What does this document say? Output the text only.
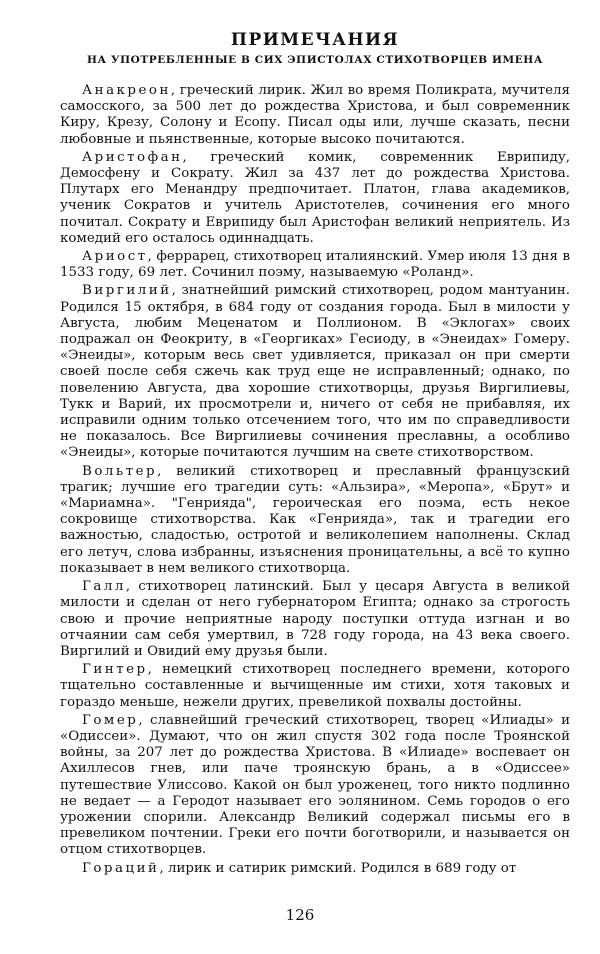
ПРИМЕЧАНИЯ
НА УПОТРЕБЛЕННЫЕ В СИХ ЭПИСТОЛАХ СТИХОТВОРЦЕВ ИМЕНА

Анакреон, греческий лирик. Жил во время Поликрата, мучителя самосского, за 500 лет до рождества Христова, и был современник Киру, Крезу, Солону и Есопу. Писал оды или, лучше сказать, песни любовные и пьянственные, которые высоко почитаются.

Аристофан, греческий комик, современник Еврипиду, Демосфену и Сократу. Жил за 437 лет до рождества Христова. Плутарх его Менандру предпочитает. Платон, глава академиков, ученик Сократов и учитель Аристотелев, сочинения его много почитал. Сократу и Еврипиду был Аристофан великий неприятель. Из комедий его осталось одиннадцать.

Ариост, феррарец, стихотворец италиянский. Умер июля 13 дня в 1533 году, 69 лет. Сочинил поэму, называемую «Роланд».

Виргилий, знатнейший римский стихотворец, родом мантуанин. Родился 15 октября, в 684 году от создания города. Был в милости у Августа, любим Меценатом и Поллионом. В «Эклогах» своих подражал он Феокриту, в «Георгиках» Гесиоду, в «Энеидах» Гомеру. «Энеиды», которым весь свет удивляется, приказал он при смерти своей после себя сжечь как труд еще не исправленный; однако, по повелению Августа, два хорошие стихотворцы, друзья Виргилиевы, Тукк и Варий, их просмотрели и, ничего от себя не прибавляя, их исправили одним только отсечением того, что им по справедливости не показалось. Все Виргилиевы сочинения преславны, а особливо «Энеиды», которые почитаются лучшим на свете стихотворством.

Вольтер, великий стихотворец и преславный французский трагик; лучшие его трагедии суть: «Альзира», «Меропа», «Брут» и «Мариамна». "Генрияда", героическая его поэма, есть некое сокровище стихотворства. Как «Генрияда», так и трагедии его важностью, сладостью, остротой и великолепием наполнены. Склад его летуч, слова избранны, изъяснения проницательны, а всё то купно показывает в нем великого стихотворца.

Галл, стихотворец латинский. Был у цесаря Августа в великой милости и сделан от него губернатором Египта; однако за строгость свою и прочие неприятные народу поступки оттуда изгнан и во отчаянии сам себя умертвил, в 728 году города, на 43 века своего. Виргилий и Овидий ему друзья были.

Гинтер, немецкий стихотворец последнего времени, которого тщательно составленные и вычищенные им стихи, хотя таковых и гораздо меньше, нежели других, превеликой похвалы достойны.

Гомер, славнейший греческий стихотворец, творец «Илиады» и «Одиссеи». Думают, что он жил спустя 302 года после Троянской войны, за 207 лет до рождества Христова. В «Илиаде» воспевает он Ахиллесов гнев, или паче троянскую брань, а в «Одиссее» путешествие Улиссово. Какой он был уроженец, того никто подлинно не ведает — а Геродот называет его эолянином. Семь городов о его урожении спорили. Александр Великий содержал письмы его в превеликом почтении. Греки его почти боготворили, и называется он отцом стихотворцев.

Гораций, лирик и сатирик римский. Родился в 689 году от

126
